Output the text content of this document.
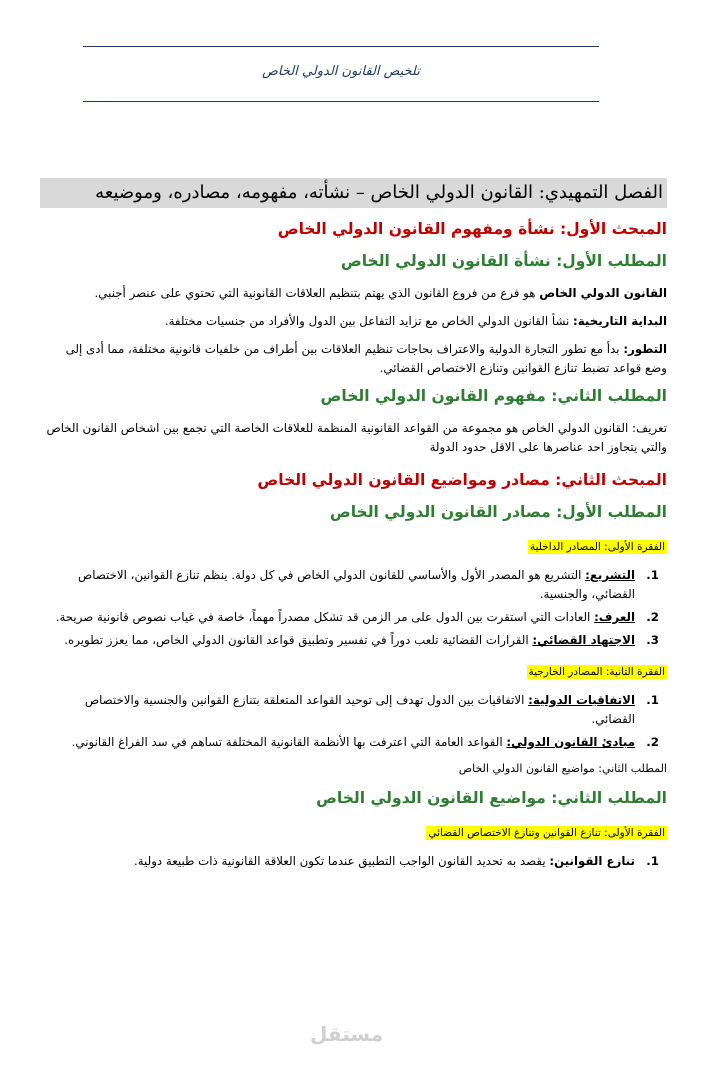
تلخيص القانون الدولي الخاص
الفصل التمهيدي: القانون الدولي الخاص – نشأته، مفهومه، مصادره، وموضيعه
المبحث الأول: نشأة ومفهوم القانون الدولي الخاص
المطلب الأول: نشأة القانون الدولي الخاص

القانون الدولي الخاص هو فرع من فروع القانون الذي يهتم بتنظيم العلاقات القانونية التي تحتوي على عنصر أجنبي.

البداية التاريخية: نشأ القانون الدولي الخاص مع تزايد التفاعل بين الدول والأفراد من جنسيات مختلفة.

التطور: بدأ مع تطور التجارة الدولية والاعتراف بحاجات تنظيم العلاقات بين أطراف من خلفيات قانونية مختلفة، مما أدى إلى وضع قواعد تضبط تنازع القوانين وتنازع الاختصاص القضائي.

المطلب الثاني: مفهوم القانون الدولي الخاص

تعريف: القانون الدولي الخاص هو مجموعة من القواعد القانونية المنظمة للعلاقات الخاصة التي تجمع بين اشخاص القانون الخاص والتي يتجاوز احد عناصرها على الاقل حدود الدولة

المبحث الثاني: مصادر ومواضيع القانون الدولي الخاص
المطلب الأول: مصادر القانون الدولي الخاص
الفقرة الأولى: المصادر الداخلية
1.
التشريع: التشريع هو المصدر الأول والأساسي للقانون الدولي الخاص في كل دولة. ينظم تنازع القوانين، الاختصاص القضائي، والجنسية.
2.
العرف: العادات التي استقرت بين الدول على مر الزمن قد تشكل مصدراً مهماً، خاصة في غياب نصوص قانونية صريحة.
3.
الاجتهاد القضائي: القرارات القضائية تلعب دوراً في تفسير وتطبيق قواعد القانون الدولي الخاص، مما يعزز تطويره.
الفقرة الثانية: المصادر الخارجية
1.
الاتفاقيات الدولية: الاتفاقيات بين الدول تهدف إلى توحيد القواعد المتعلقة بتنازع القوانين والجنسية والاختصاص القضائي.
2.
مبادئ القانون الدولي: القواعد العامة التي اعترفت بها الأنظمة القانونية المختلفة تساهم في سد الفراغ القانوني.

المطلب الثاني: مواضيع القانون الدولي الخاص

المطلب الثاني: مواضيع القانون الدولي الخاص
الفقرة الأولى: تنازع القوانين وتنازع الاختصاص القضائي
1.
تنازع القوانين: يقصد به تحديد القانون الواجب التطبيق عندما تكون العلاقة القانونية ذات طبيعة دولية.
مستقل
